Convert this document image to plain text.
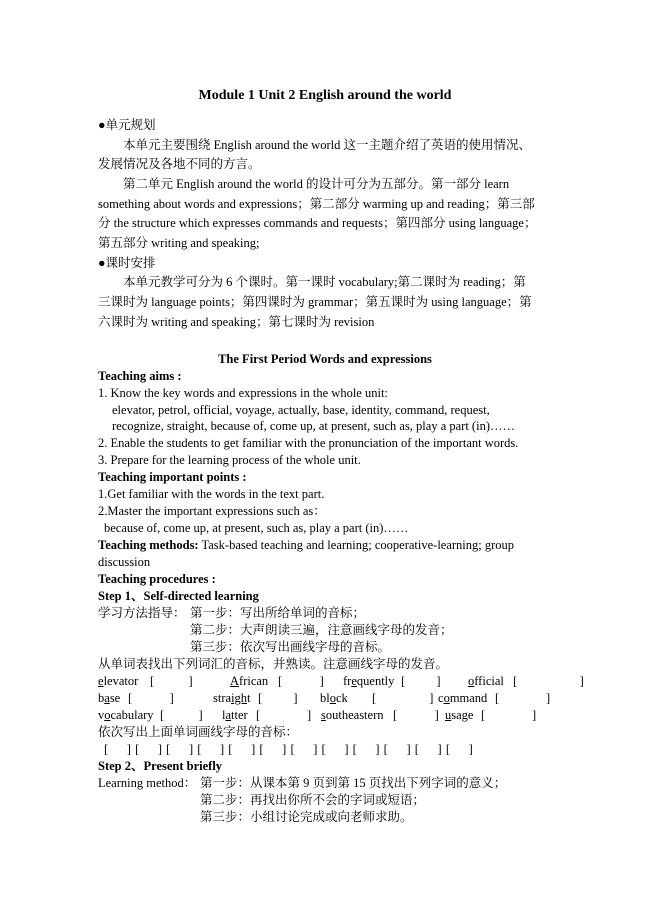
Module 1 Unit 2 English around the world
●单元规划
本单元主要围绕 English around the world 这一主题介绍了英语的使用情况、
发展情况及各地不同的方言。
第二单元 English around the world 的设计可分为五部分。第一部分 learn
something about words and expressions；第二部分 warming up and reading；第三部
分 the structure which expresses commands and requests；第四部分 using language；
第五部分 writing and speaking;
●课时安排
本单元教学可分为 6 个课时。第一课时 vocabulary;第二课时为 reading；第
三课时为 language points；第四课时为 grammar；第五课时为 using language；第
六课时为 writing and speaking；第七课时为 revision
The First Period Words and expressions
Teaching aims :
1. Know the key words and expressions in the whole unit:
elevator, petrol, official, voyage, actually, base, identity, command, request,
recognize, straight, because of, come up, at present, such as, play a part (in)……
2. Enable the students to get familiar with the pronunciation of the important words.
3. Prepare for the learning process of the whole unit.
Teaching important points :
1.Get familiar with the words in the text part.
2.Master the important expressions such as：
because of, come up, at present, such as, play a part (in)……
Teaching methods: Task-based teaching and learning; cooperative-learning; group
discussion
Teaching procedures :
Step 1、Self-directed learning
学习方法指导： 第一步：写出所给单词的音标；
第二步：大声朗读三遍，注意画线字母的发音；
第三步：依次写出画线字母的音标。
从单词表找出下列词汇的音标，并熟读。注意画线字母的发音。
elevator [           ]	African [            ] frequently [          ] official [                    ]
base [            ]	straight [          ] block [                 ] command [               ]
vocabulary [           ] latter [               ] southeastern [            ] usage [               ]
依次写出上面单词画线字母的音标：
[     ] [     ] [     ] [     ] [     ] [     ] [     ] [     ] [     ] [     ] [     ] [     ]
Step 2、Present briefly
Learning method： 第一步：从课本第 9 页到第 15 页找出下列字词的意义；
第二步：再找出你所不会的字词或短语；
第三步：小组讨论完成或向老师求助。
